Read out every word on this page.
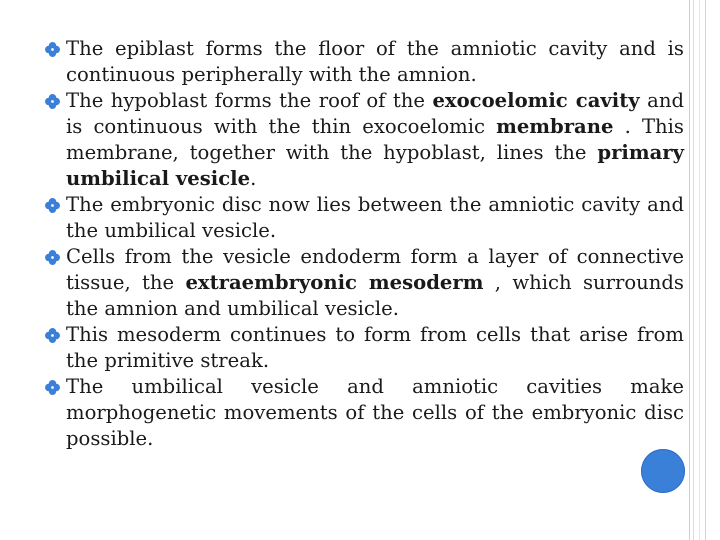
The epiblast forms the floor of the amniotic cavity and is continuous peripherally with the amnion.
The hypoblast forms the roof of the exocoelomic cavity and is continuous with the thin exocoelomic membrane . This membrane, together with the hypoblast, lines the primary umbilical vesicle.
The embryonic disc now lies between the amniotic cavity and the umbilical vesicle.
Cells from the vesicle endoderm form a layer of connective tissue, the extraembryonic mesoderm , which surrounds the amnion and umbilical vesicle.
This mesoderm continues to form from cells that arise from the primitive streak.
The umbilical vesicle and amniotic cavities make morphogenetic movements of the cells of the embryonic disc possible.
